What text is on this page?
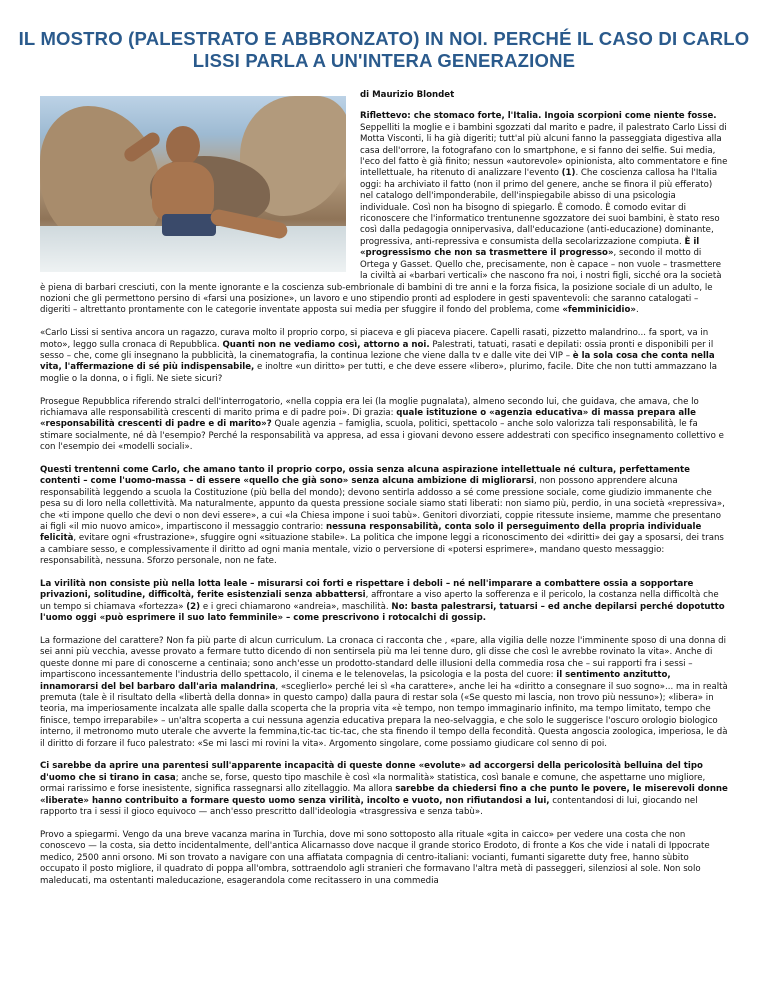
IL MOSTRO (PALESTRATO E ABBRONZATO) IN NOI. PERCHÉ IL CASO DI CARLO LISSI PARLA A UN'INTERA GENERAZIONE

di Maurizio Blondet

Riflettevo: che stomaco forte, l'Italia. Ingoia scorpioni come niente fosse. Seppelliti la moglie e i bambini sgozzati dal marito e padre, il palestrato Carlo Lissi di Motta Visconti, li ha già digeriti; tutt'al più alcuni fanno la passeggiata digestiva alla casa dell'orrore, la fotografano con lo smartphone, e si fanno dei selfie. Sui media, l'eco del fatto è già finito; nessun «autorevole» opinionista, alto commentatore e fine intellettuale, ha ritenuto di analizzare l'evento (1). Che coscienza callosa ha l'Italia oggi: ha archiviato il fatto (non il primo del genere, anche se finora il più efferato) nel catalogo dell'imponderabile, dell'inspiegabile abisso di una psicologia individuale. Così non ha bisogno di spiegarlo. È comodo. È comodo evitar di riconoscere che l'informatico trentunenne sgozzatore dei suoi bambini, è stato reso così dalla pedagogia onnipervasiva, dall'educazione (anti-educazione) dominante, progressiva, anti-repressiva e consumista della secolarizzazione compiuta. È il «progressismo che non sa trasmettere il progresso», secondo il motto di Ortega y Gasset. Quello che, precisamente, non è capace – non vuole – trasmettere la civiltà ai «barbari verticali» che nascono fra noi, i nostri figli, sicché ora la società è piena di barbari cresciuti, con la mente ignorante e la coscienza sub-embrionale di bambini di tre anni e la forza fisica, la posizione sociale di un adulto, le nozioni che gli permettono persino di «farsi una posizione», un lavoro e uno stipendio pronti ad esplodere in gesti spaventevoli: che saranno catalogati – digeriti – altrettanto prontamente con le categorie inventate apposta sui media per sfuggire il fondo del problema, come «femminicidio».

«Carlo Lissi si sentiva ancora un ragazzo, curava molto il proprio corpo, si piaceva e gli piaceva piacere. Capelli rasati, pizzetto malandrino... fa sport, va in moto», leggo sulla cronaca di Repubblica. Quanti non ne vediamo così, attorno a noi. Palestrati, tatuati, rasati e depilati: ossia pronti e disponibili per il sesso – che, come gli insegnano la pubblicità, la cinematografia, la continua lezione che viene dalla tv e dalle vite dei VIP – è la sola cosa che conta nella vita, l'affermazione di sé più indispensabile, e inoltre «un diritto» per tutti, e che deve essere «libero», plurimo, facile. Dite che non tutti ammazzano la moglie o la donna, o i figli. Ne siete sicuri?

Prosegue Repubblica riferendo stralci dell'interrogatorio, «nella coppia era lei (la moglie pugnalata), almeno secondo lui, che guidava, che amava, che lo richiamava alle responsabilità crescenti di marito prima e di padre poi». Di grazia: quale istituzione o «agenzia educativa» di massa prepara alle «responsabilità crescenti di padre e di marito»? Quale agenzia – famiglia, scuola, politici, spettacolo – anche solo valorizza tali responsabilità, le fa stimare socialmente, né dà l'esempio? Perché la responsabilità va appresa, ad essa i giovani devono essere addestrati con specifico insegnamento collettivo e con l'esempio dei «modelli sociali».

Questi trentenni come Carlo, che amano tanto il proprio corpo, ossia senza alcuna aspirazione intellettuale né cultura, perfettamente contenti – come l'uomo-massa – di essere «quello che già sono» senza alcuna ambizione di migliorarsi, non possono apprendere alcuna responsabilità leggendo a scuola la Costituzione (più bella del mondo); devono sentirla addosso a sé come pressione sociale, come giudizio immanente che pesa su di loro nella collettività. Ma naturalmente, appunto da questa pressione sociale siamo stati liberati: non siamo più, perdio, in una società «repressiva», che «ti impone quello che devi o non devi essere», a cui «la Chiesa impone i suoi tabù». Genitori divorziati, coppie ritessute insieme, mamme che presentano ai figli «il mio nuovo amico», impartiscono il messaggio contrario: nessuna responsabilità, conta solo il perseguimento della propria individuale felicità, evitare ogni «frustrazione», sfuggire ogni «situazione stabile». La politica che impone leggi a riconoscimento dei «diritti» dei gay a sposarsi, dei trans a cambiare sesso, e complessivamente il diritto ad ogni mania mentale, vizio o perversione di «potersi esprimere», mandano questo messaggio: responsabilità, nessuna. Sforzo personale, non ne fate.

La virilità non consiste più nella lotta leale – misurarsi coi forti e rispettare i deboli – né nell'imparare a combattere ossia a sopportare privazioni, solitudine, difficoltà, ferite esistenziali senza abbattersi, affrontare a viso aperto la sofferenza e il pericolo, la costanza nella difficoltà che un tempo si chiamava «fortezza» (2) e i greci chiamarono «andreia», maschilità. No: basta palestrarsi, tatuarsi – ed anche depilarsi perché dopotutto l'uomo oggi «può esprimere il suo lato femminile» – come prescrivono i rotocalchi di gossip.

La formazione del carattere? Non fa più parte di alcun curriculum. La cronaca ci racconta che , «pare, alla vigilia delle nozze l'imminente sposo di una donna di sei anni più vecchia, avesse provato a fermare tutto dicendo di non sentirsela più ma lei tenne duro, gli disse che così le avrebbe rovinato la vita». Anche di queste donne mi pare di conoscerne a centinaia; sono anch'esse un prodotto-standard delle illusioni della commedia rosa che – sui rapporti fra i sessi – impartiscono incessantemente l'industria dello spettacolo, il cinema e le telenovelas, la psicologia e la posta del cuore: il sentimento anzitutto, innamorarsi del bel barbaro dall'aria malandrina, «sceglierlo» perché lei sì «ha carattere», anche lei ha «diritto a consegnare il suo sogno»... ma in realtà premuta (tale è il risultato della «libertà della donna» in questo campo) dalla paura di restar sola («Se questo mi lascia, non trovo più nessuno»); «libera» in teoria, ma imperiosamente incalzata alle spalle dalla scoperta che la propria vita «è tempo, non tempo immaginario infinito, ma tempo limitato, tempo che finisce, tempo irreparabile» – un'altra scoperta a cui nessuna agenzia educativa prepara la neo-selvaggia, e che solo le suggerisce l'oscuro orologio biologico interno, il metronomo muto uterale che avverte la femmina,tic-tac tic-tac, che sta finendo il tempo della fecondità. Questa angoscia zoologica, imperiosa, le dà il diritto di forzare il fuco palestrato: «Se mi lasci mi rovini la vita». Argomento singolare, come possiamo giudicare col senno di poi.

Ci sarebbe da aprire una parentesi sull'apparente incapacità di queste donne «evolute» ad accorgersi della pericolosità belluina del tipo d'uomo che si tirano in casa; anche se, forse, questo tipo maschile è così «la normalità» statistica, così banale e comune, che aspettarne uno migliore, ormai rarissimo e forse inesistente, significa rassegnarsi allo zitellaggio. Ma allora sarebbe da chiedersi fino a che punto le povere, le miserevoli donne «liberate» hanno contribuito a formare questo uomo senza virilità, incolto e vuoto, non rifiutandosi a lui, contentandosi di lui, giocando nel rapporto tra i sessi il gioco equivoco — anch'esso prescritto dall'ideologia «trasgressiva e senza tabù».

Provo a spiegarmi. Vengo da una breve vacanza marina in Turchia, dove mi sono sottoposto alla rituale «gita in caicco» per vedere una costa che non conoscevo — la costa, sia detto incidentalmente, dell'antica Alicarnasso dove nacque il grande storico Erodoto, di fronte a Kos che vide i natali di Ippocrate medico, 2500 anni orsono. Mi son trovato a navigare con una affiatata compagnia di centro-italiani: vocianti, fumanti sigarette duty free, hanno sùbito occupato il posto migliore, il quadrato di poppa all'ombra, sottraendolo agli stranieri che formavano l'altra metà di passeggeri, silenziosi al sole. Non solo maleducati, ma ostentanti maleducazione, esagerandola come recitassero in una commedia
